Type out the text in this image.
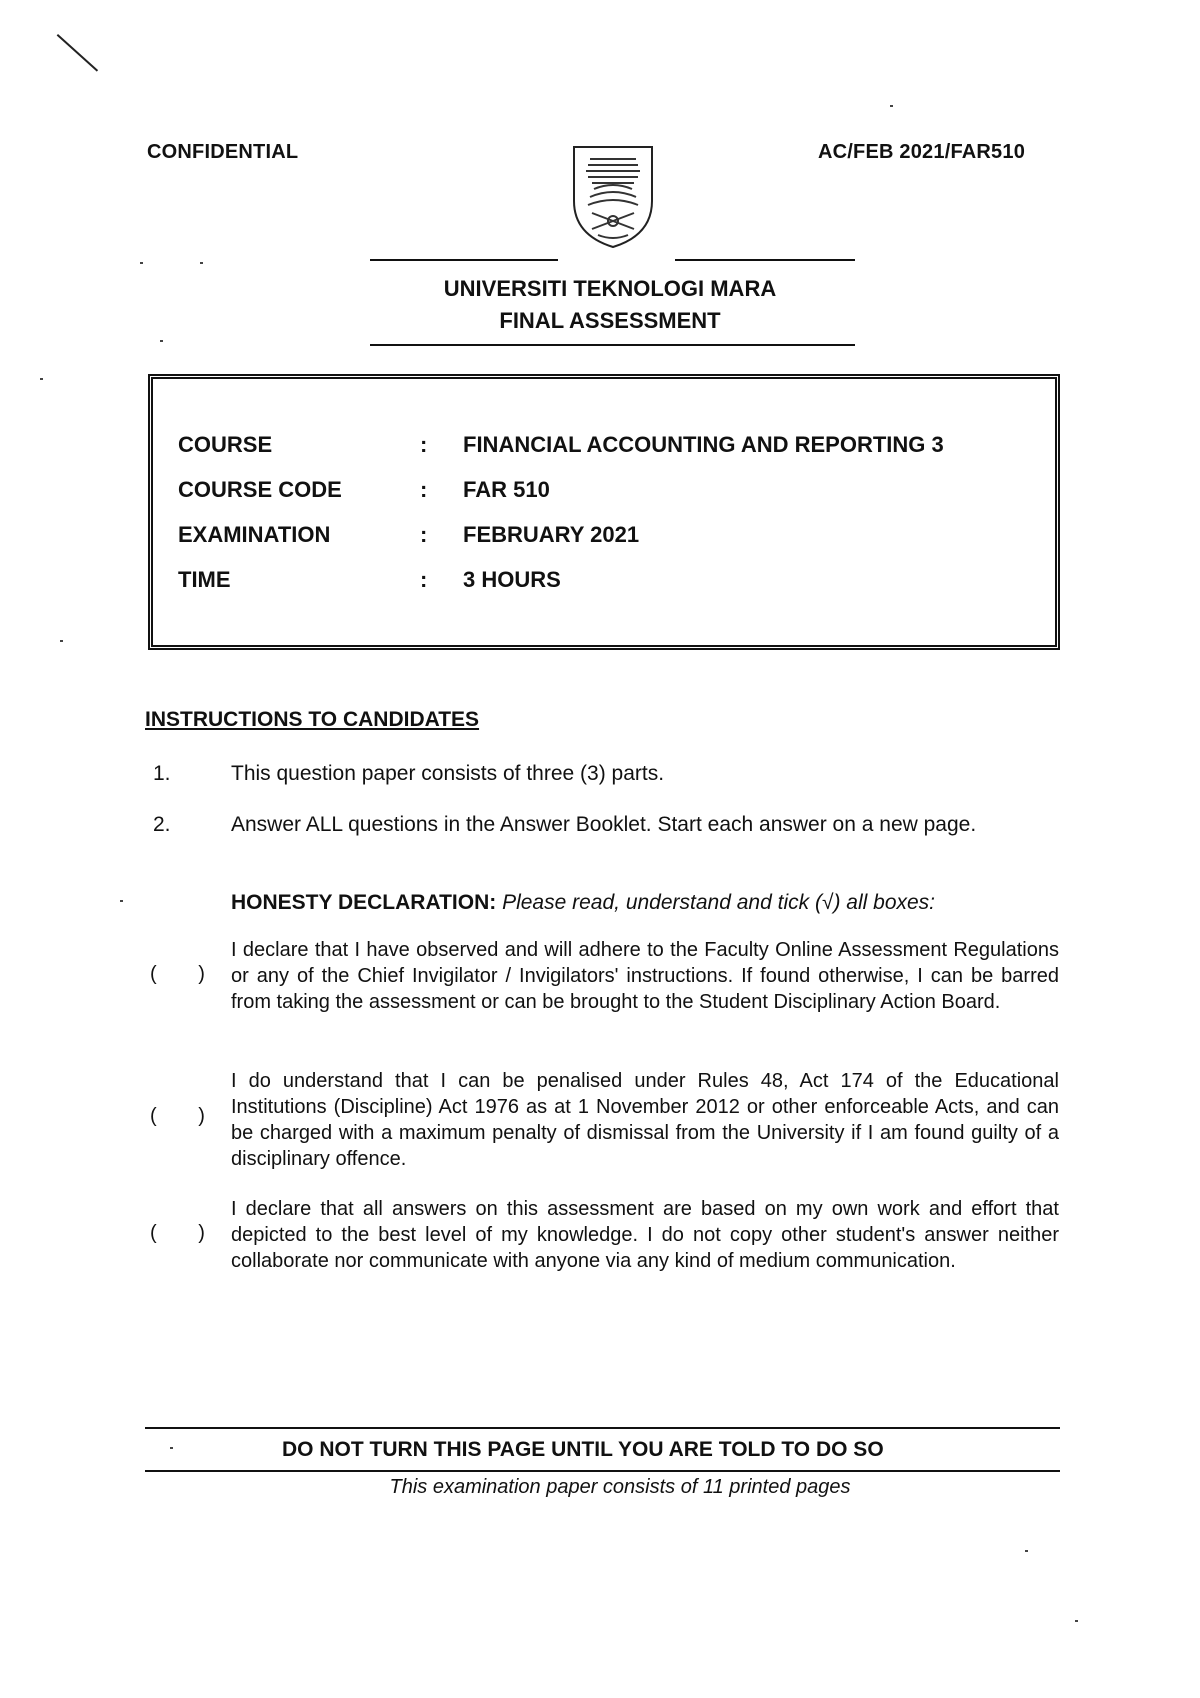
CONFIDENTIAL	AC/FEB 2021/FAR510
UNIVERSITI TEKNOLOGI MARA
FINAL ASSESSMENT
COURSE	: FINANCIAL ACCOUNTING AND REPORTING 3
COURSE CODE	: FAR 510
EXAMINATION	: FEBRUARY 2021
TIME	: 3 HOURS
INSTRUCTIONS TO CANDIDATES
1.	This question paper consists of three (3) parts.
2.	Answer ALL questions in the Answer Booklet. Start each answer on a new page.
HONESTY DECLARATION: Please read, understand and tick (√) all boxes:
( )
I declare that I have observed and will adhere to the Faculty Online Assessment Regulations or any of the Chief Invigilator / Invigilators' instructions. If found otherwise, I can be barred from taking the assessment or can be brought to the Student Disciplinary Action Board.
( )
I do understand that I can be penalised under Rules 48, Act 174 of the Educational Institutions (Discipline) Act 1976 as at 1 November 2012 or other enforceable Acts, and can be charged with a maximum penalty of dismissal from the University if I am found guilty of a disciplinary offence.
( )
I declare that all answers on this assessment are based on my own work and effort that depicted to the best level of my knowledge. I do not copy other student's answer neither collaborate nor communicate with anyone via any kind of medium communication.
DO NOT TURN THIS PAGE UNTIL YOU ARE TOLD TO DO SO
This examination paper consists of 11 printed pages
